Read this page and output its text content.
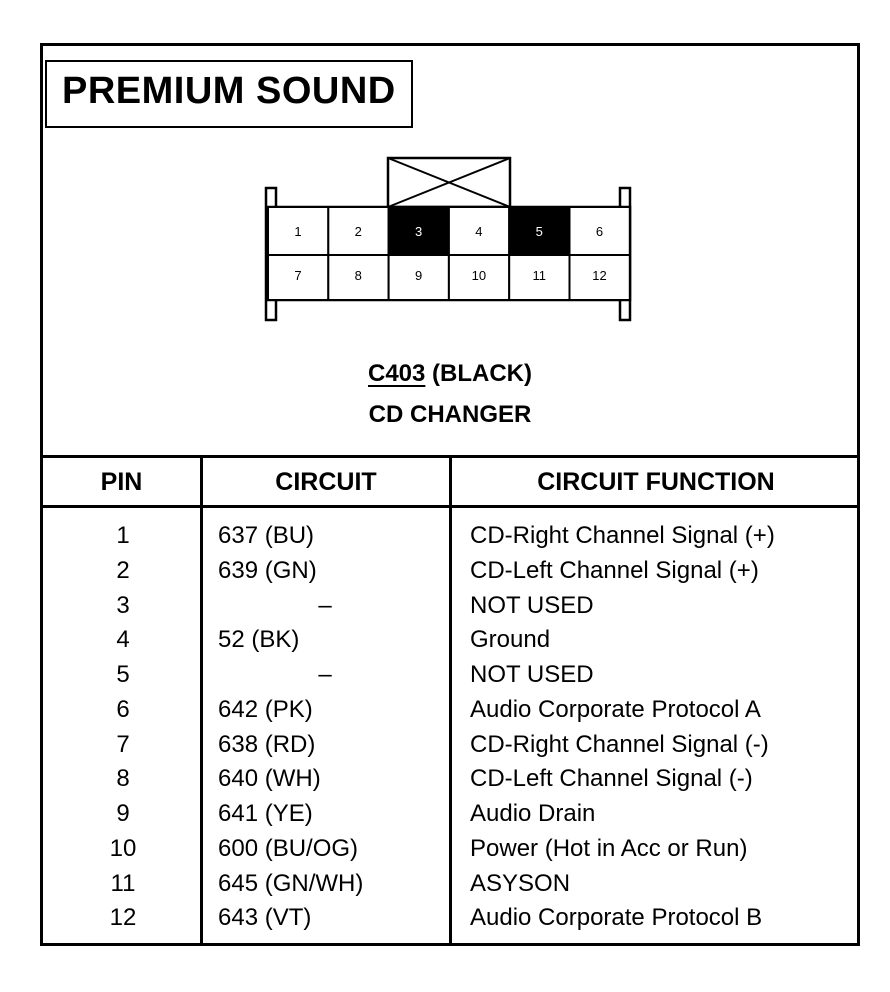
PREMIUM SOUND
1	2	3	4	5	6
7	8	9	10	11	12
C403 (BLACK)
CD CHANGER
PIN	CIRCUIT	CIRCUIT FUNCTION
1	637 (BU)	CD-Right Channel Signal (+)
2	639 (GN)	CD-Left Channel Signal (+)
3	–	NOT USED
4	52 (BK)	Ground
5	–	NOT USED
6	642 (PK)	Audio Corporate Protocol A
7	638 (RD)	CD-Right Channel Signal (-)
8	640 (WH)	CD-Left Channel Signal (-)
9	641 (YE)	Audio Drain
10	600 (BU/OG)	Power (Hot in Acc or Run)
11	645 (GN/WH)	ASYSON
12	643 (VT)	Audio Corporate Protocol B
